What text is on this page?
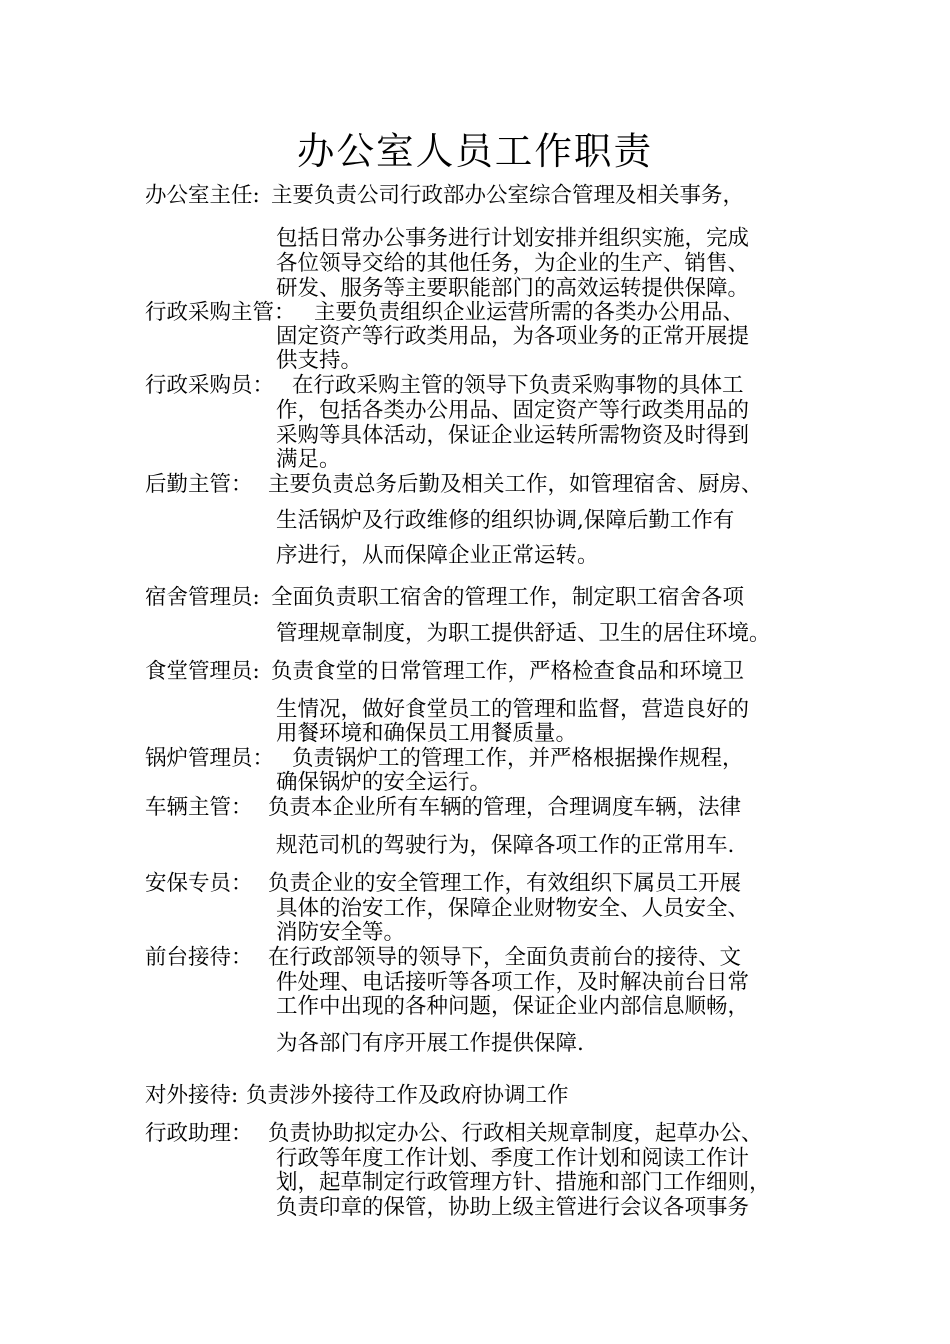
办公室人员工作职责
办公室主任: 主要负责公司行政部办公室综合管理及相关事务，
包括日常办公事务进行计划安排并组织实施，完成
各位领导交给的其他任务，为企业的生产、销售、
研发、服务等主要职能部门的高效运转提供保障。
行政采购主管： 主要负责组织企业运营所需的各类办公用品、
固定资产等行政类用品，为各项业务的正常开展提
供支持。
行政采购员： 在行政采购主管的领导下负责采购事物的具体工
作，包括各类办公用品、固定资产等行政类用品的
采购等具体活动，保证企业运转所需物资及时得到
满足。
后勤主管： 主要负责总务后勤及相关工作，如管理宿舍、厨房、
生活锅炉及行政维修的组织协调,保障后勤工作有
序进行，从而保障企业正常运转。
宿舍管理员: 全面负责职工宿舍的管理工作，制定职工宿舍各项
管理规章制度，为职工提供舒适、卫生的居住环境。
食堂管理员: 负责食堂的日常管理工作，严格检查食品和环境卫
生情况，做好食堂员工的管理和监督，营造良好的
用餐环境和确保员工用餐质量。
锅炉管理员： 负责锅炉工的管理工作，并严格根据操作规程，
确保锅炉的安全运行。
车辆主管： 负责本企业所有车辆的管理，合理调度车辆，法律
规范司机的驾驶行为，保障各项工作的正常用车.
安保专员： 负责企业的安全管理工作，有效组织下属员工开展
具体的治安工作，保障企业财物安全、人员安全、
消防安全等。
前台接待： 在行政部领导的领导下，全面负责前台的接待、文
件处理、电话接听等各项工作，及时解决前台日常
工作中出现的各种问题，保证企业内部信息顺畅，
为各部门有序开展工作提供保障.
对外接待: 负责涉外接待工作及政府协调工作
行政助理： 负责协助拟定办公、行政相关规章制度，起草办公、
行政等年度工作计划、季度工作计划和阅读工作计
划，起草制定行政管理方针、措施和部门工作细则，
负责印章的保管，协助上级主管进行会议各项事务
